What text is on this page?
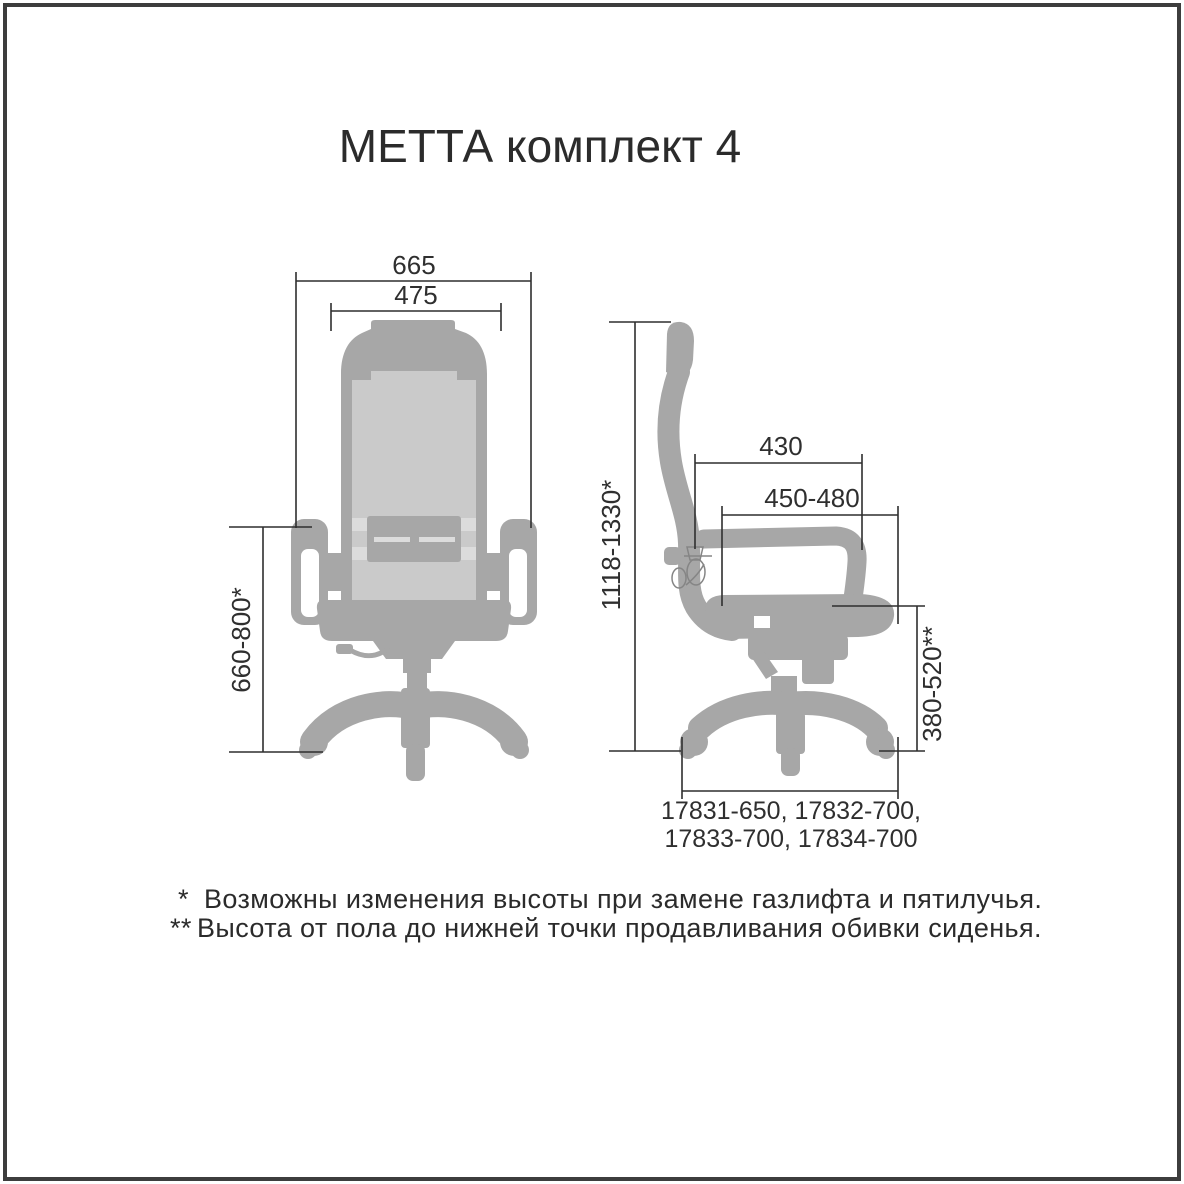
МЕТТА комплект 4
665
475
660-800*
1118-1330*
430
450-480
380-520**
17831-650, 17832-700,
17833-700, 17834-700
* Возможны изменения высоты при замене газлифта и пятилучья.
** Высота от пола до нижней точки продавливания обивки сиденья.
